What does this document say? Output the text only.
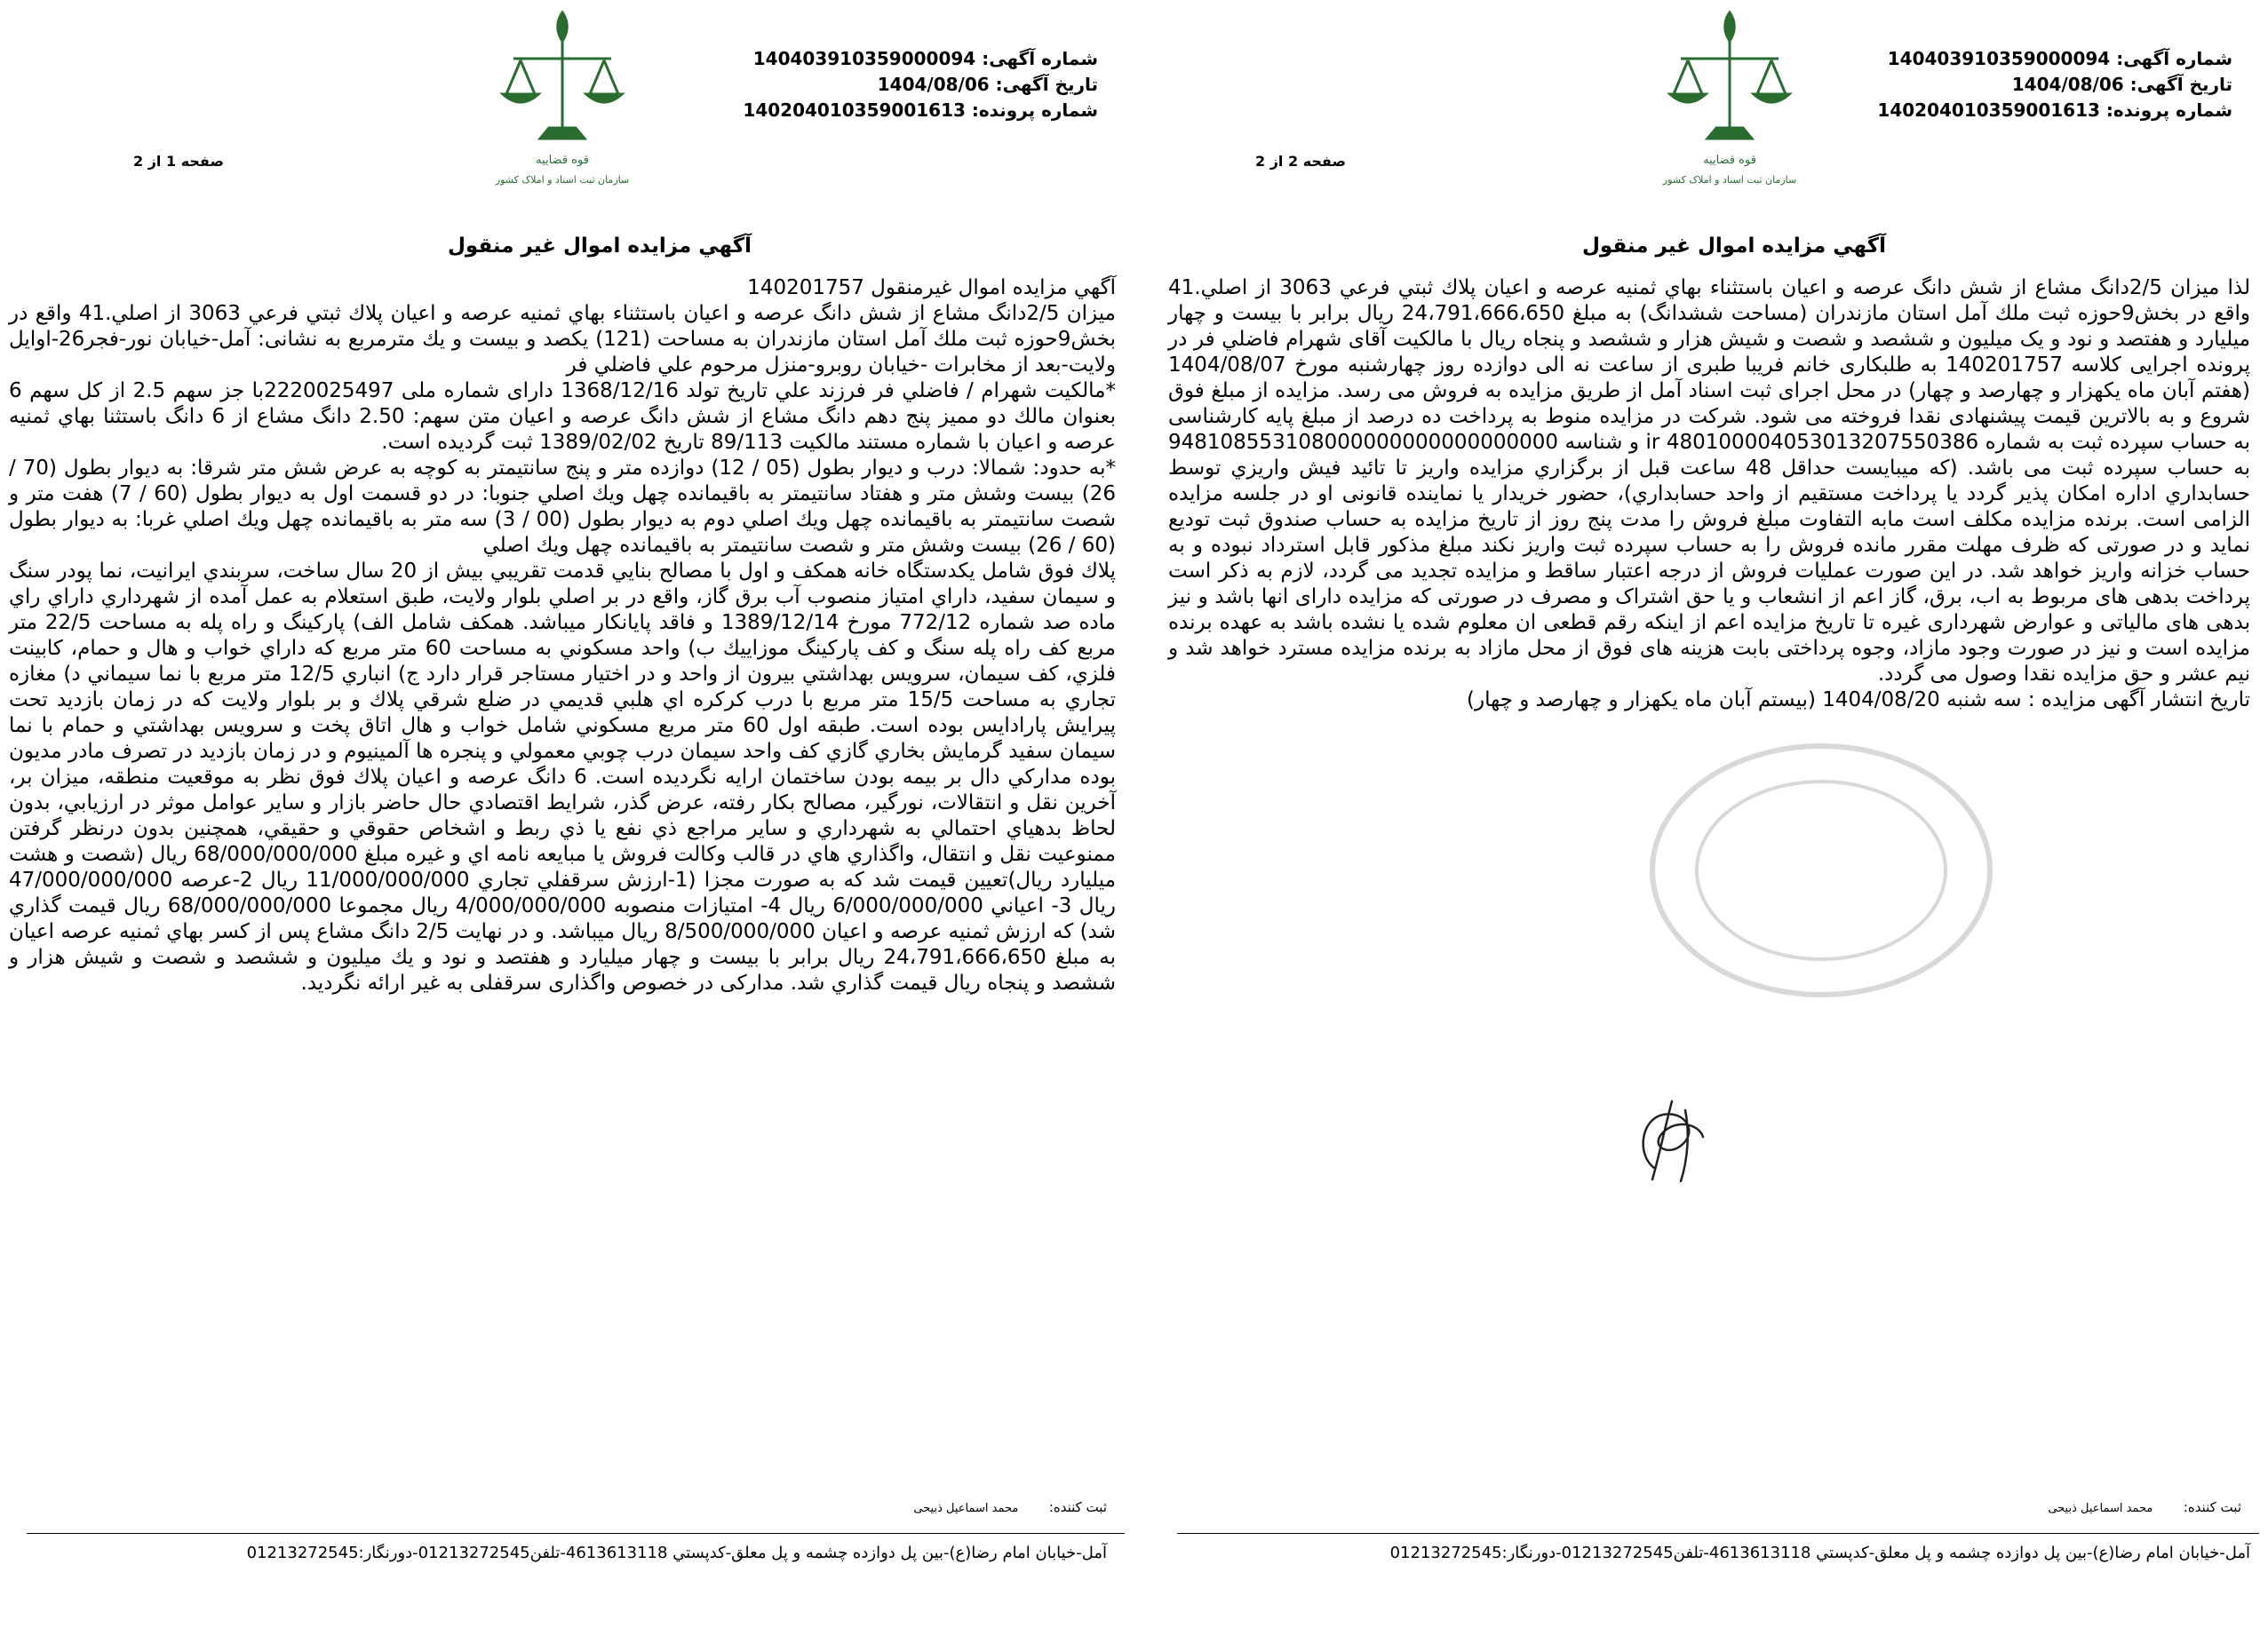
قوه قضاییه
سازمان ثبت اسناد و املاک کشور
شماره آگهی: 140403910359000094
تاریخ آگهی: 1404/08/06
شماره پرونده: 140204010359001613
صفحه 1 از 2
آگهي مزايده اموال غير منقول

آگهي مزايده اموال غيرمنقول 140201757

ميزان 2/5دانگ مشاع از شش دانگ عرصه و اعيان باستثناء بهاي ثمنيه عرصه و اعيان پلاك ثبتي فرعي 3063 از اصلي.41 واقع در بخش9حوزه ثبت ملك آمل استان مازندران به مساحت (121) يكصد و بيست و يك مترمربع به نشانی: آمل-خيابان نور-فجر26-اوايل ولايت-بعد از مخابرات -خيابان روبرو-منزل مرحوم علي فاضلي فر

*مالكيت شهرام / فاضلي فر فرزند علي تاريخ تولد 1368/12/16 داراى شماره ملى 2220025497با جز سهم 2.5 از كل سهم 6 بعنوان مالك دو مميز پنج دهم دانگ مشاع از شش دانگ عرصه و اعيان متن سهم: 2.50 دانگ مشاع از 6 دانگ باستثنا بهاي ثمنيه عرصه و اعيان با شماره مستند مالكيت 89/113 تاريخ 1389/02/02 ثبت گرديده است.

*به حدود: شمالا: درب و ديوار بطول (05 / 12) دوازده متر و پنج سانتيمتر به كوچه به عرض شش متر شرقا: به ديوار بطول (70 / 26) بيست وشش متر و هفتاد سانتيمتر به باقيمانده چهل ويك اصلي جنوبا: در دو قسمت اول به ديوار بطول (60 / 7) هفت متر و شصت سانتيمتر به باقيمانده چهل ويك اصلي دوم به ديوار بطول (00 / 3) سه متر به باقيمانده چهل ويك اصلي غربا: به ديوار بطول (60 / 26) بيست وشش متر و شصت سانتيمتر به باقيمانده چهل ويك اصلي

پلاك فوق شامل يكدستگاه خانه همكف و اول با مصالح بنايي قدمت تقريبي بيش از 20 سال ساخت، سربندي ايرانيت، نما پودر سنگ و سيمان سفيد، داراي امتياز منصوب آب برق گاز، واقع در بر اصلي بلوار ولايت، طبق استعلام به عمل آمده از شهرداري داراي راي ماده صد شماره 772/12 مورخ 1389/12/14 و فاقد پايانكار ميباشد. همكف شامل الف) پاركينگ و راه پله به مساحت 22/5 متر مربع كف راه پله سنگ و كف پاركينگ موزاييك ب) واحد مسكوني به مساحت 60 متر مربع كه داراي خواب و هال و حمام، كابينت فلزي، كف سيمان، سرويس بهداشتي بيرون از واحد و در اختيار مستاجر قرار دارد ج) انباري 12/5 متر مربع با نما سيماني د) مغازه تجاري به مساحت 15/5 متر مربع با درب كركره اي هلبي قديمي در ضلع شرقي پلاك و بر بلوار ولايت كه در زمان بازديد تحت پيرايش پارادايس بوده است. طبقه اول 60 متر مربع مسكوني شامل خواب و هال اتاق پخت و سرويس بهداشتي و حمام با نما سيمان سفيد گرمايش بخاري گازي كف واحد سيمان درب چوبي معمولي و پنجره ها آلمينيوم و در زمان بازديد در تصرف مادر مديون بوده مداركي دال بر بيمه بودن ساختمان ارايه نگرديده است. 6 دانگ عرصه و اعيان پلاك فوق نظر به موقعيت منطقه، ميزان بر، آخرين نقل و انتقالات، نورگير، مصالح بكار رفته، عرض گذر، شرايط اقتصادي حال حاضر بازار و ساير عوامل موثر در ارزيابي، بدون لحاظ بدهياي احتمالي به شهرداري و ساير مراجع ذي نفع يا ذي ربط و اشخاص حقوقي و حقيقي، همچنين بدون درنظر گرفتن ممنوعيت نقل و انتقال، واگذاري هاي در قالب وكالت فروش يا مبايعه نامه اي و غيره مبلغ 68/000/000/000 ريال (شصت و هشت ميليارد ريال)تعيين قيمت شد كه به صورت مجزا (1-ارزش سرقفلي تجاري 11/000/000/000 ريال 2-عرصه 47/000/000/000 ريال 3- اعياني 6/000/000/000 ريال 4- امتيازات منصوبه 4/000/000/000 ريال مجموعا 68/000/000/000 ريال قيمت گذاري شد) كه ارزش ثمنيه عرصه و اعيان 8/500/000/000 ريال ميباشد. و در نهايت 2/5 دانگ مشاع پس از كسر بهاي ثمنيه عرصه اعيان به مبلغ 24،791،666،650 ريال برابر با بيست و چهار ميليارد و هفتصد و نود و يك ميليون و ششصد و شصت و شيش هزار و ششصد و پنجاه ريال قيمت گذاري شد. مداركی در خصوص واگذاری سرقفلی به غير ارائه نگرديد.

ثبت کننده: محمد اسماعیل ذبیحی
آمل-خيابان امام رضا(ع)-بين پل دوازده چشمه و پل معلق-كدپستي 4613613118-تلفن01213272545-دورنگار:01213272545
قوه قضاییه
سازمان ثبت اسناد و املاک کشور
شماره آگهی: 140403910359000094
تاریخ آگهی: 1404/08/06
شماره پرونده: 140204010359001613
صفحه 2 از 2
آگهي مزايده اموال غير منقول

لذا ميزان 2/5دانگ مشاع از شش دانگ عرصه و اعيان باستثناء بهاي ثمنيه عرصه و اعيان پلاك ثبتي فرعي 3063 از اصلي.41 واقع در بخش9حوزه ثبت ملك آمل استان مازندران (مساحت ششدانگ) به مبلغ 24،791،666،650 ريال برابر با بيست و چهار ميليارد و هفتصد و نود و يک ميليون و ششصد و شصت و شيش هزار و ششصد و پنجاه ريال با مالكيت آقاى شهرام فاضلي فر در پرونده اجرايی كلاسه 140201757 به طلبكاری خانم فريبا طبری از ساعت نه الی دوازده روز چهارشنبه مورخ 1404/08/07 (هفتم آبان ماه يكهزار و چهارصد و چهار) در محل اجرای ثبت اسناد آمل از طريق مزايده به فروش می رسد. مزايده از مبلغ فوق شروع و به بالاترين قيمت پيشنهادی نقدا فروخته می شود. شركت در مزايده منوط به پرداخت ده درصد از مبلغ پايه كارشناسی به حساب سپرده ثبت به شماره ir 480100004053013207550386 و شناسه 948108553108000000000000000000 به حساب سپرده ثبت می باشد. (كه ميبايست حداقل 48 ساعت قبل از برگزاري مزايده واريز تا تائيد فيش واريزي توسط حسابداري اداره امكان پذير گردد يا پرداخت مستقيم از واحد حسابداري)، حضور خريدار يا نماينده قانونی او در جلسه مزايده الزامی است. برنده مزايده مكلف است مابه التفاوت مبلغ فروش را مدت پنج روز از تاريخ مزايده به حساب صندوق ثبت توديع نمايد و در صورتی كه ظرف مهلت مقرر مانده فروش را به حساب سپرده ثبت واريز نكند مبلغ مذكور قابل استرداد نبوده و به حساب خزانه واريز خواهد شد. در اين صورت عمليات فروش از درجه اعتبار ساقط و مزايده تجديد می گردد، لازم به ذكر است پرداخت بدهی های مربوط به اب، برق، گاز اعم از انشعاب و يا حق اشتراک و مصرف در صورتی كه مزايده دارای انها باشد و نيز بدهی های مالياتی و عوارض شهرداری غيره تا تاريخ مزايده اعم از اينكه رقم قطعی ان معلوم شده يا نشده باشد به عهده برنده مزايده است و نيز در صورت وجود مازاد، وجوه پرداختی بابت هزينه های فوق از محل مازاد به برنده مزايده مسترد خواهد شد و نيم عشر و حق مزايده نقدا وصول می گردد.

تاريخ انتشار آگهی مزايده : سه شنبه 1404/08/20 (بيستم آبان ماه يكهزار و چهارصد و چهار)

ثبت کننده: محمد اسماعیل ذبیحی
آمل-خيابان امام رضا(ع)-بين پل دوازده چشمه و پل معلق-كدپستي 4613613118-تلفن01213272545-دورنگار:01213272545
